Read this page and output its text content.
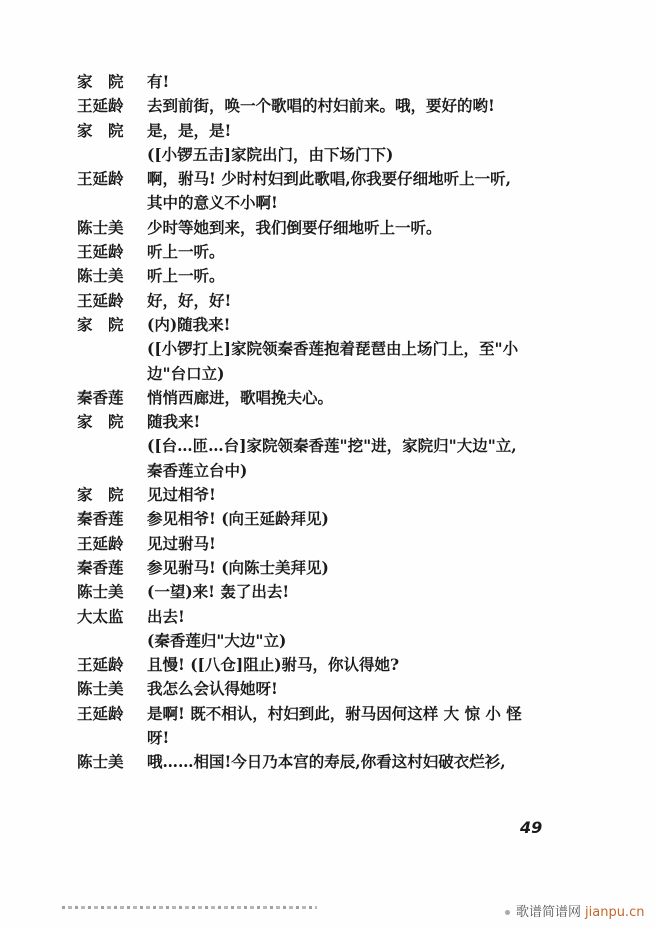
家　院	有!
王延龄	去到前街，唤一个歌唱的村妇前来。哦，要好的哟!
家　院	是，是，是!
([小锣五击]家院出门，由下场门下)
王延龄	啊，驸马! 少时村妇到此歌唱,你我要仔细地听上一听,
其中的意义不小啊!
陈士美	少时等她到来，我们倒要仔细地听上一听。
王延龄	听上一听。
陈士美	听上一听。
王延龄	好，好，好!
家　院	(内)随我来!
([小锣打上]家院领秦香莲抱着琵琶由上场门上，至"小
边"台口立)
秦香莲	悄悄西廊进，歌唱挽夫心。
家　院	随我来!
([台…匝…台]家院领秦香莲"挖"进，家院归"大边"立,
秦香莲立台中)
家　院	见过相爷!
秦香莲	参见相爷! (向王延龄拜见)
王延龄	见过驸马!
秦香莲	参见驸马! (向陈士美拜见)
陈士美	(一望)来! 轰了出去!
大太监	出去!
(秦香莲归"大边"立)
王延龄	且慢! ([八仓]阻止)驸马，你认得她?
陈士美	我怎么会认得她呀!
王延龄	是啊! 既不相认，村妇到此，驸马因何这样 大 惊 小 怪
呀!
陈士美	哦……相国!今日乃本宫的寿辰,你看这村妇破衣烂衫,
49
歌谱简谱网 jianpu.cn
